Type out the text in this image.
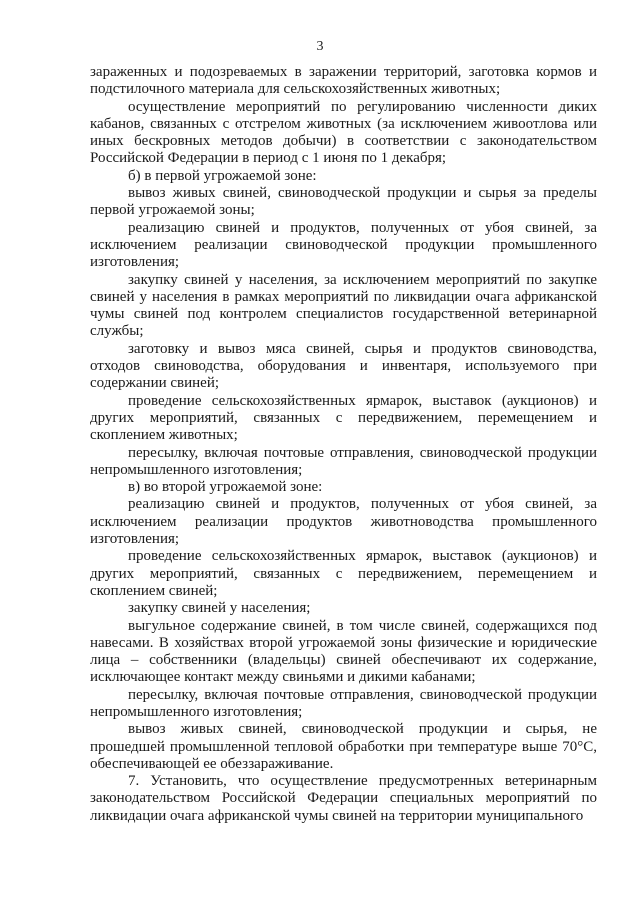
3

зараженных и подозреваемых в заражении территорий, заготовка кормов и подстилочного материала для сельскохозяйственных животных;

осуществление мероприятий по регулированию численности диких кабанов, связанных с отстрелом животных (за исключением живоотлова или иных бескровных методов добычи) в соответствии с законодательством Российской Федерации в период с 1 июня по 1 декабря;

б) в первой угрожаемой зоне:

вывоз живых свиней, свиноводческой продукции и сырья за пределы первой угрожаемой зоны;

реализацию свиней и продуктов, полученных от убоя свиней, за исключением реализации свиноводческой продукции промышленного изготовления;

закупку свиней у населения, за исключением мероприятий по закупке свиней у населения в рамках мероприятий по ликвидации очага африканской чумы свиней под контролем специалистов государственной ветеринарной службы;

заготовку и вывоз мяса свиней, сырья и продуктов свиноводства, отходов свиноводства, оборудования и инвентаря, используемого при содержании свиней;

проведение сельскохозяйственных ярмарок, выставок (аукционов) и других мероприятий, связанных с передвижением, перемещением и скоплением животных;

пересылку, включая почтовые отправления, свиноводческой продукции непромышленного изготовления;

в) во второй угрожаемой зоне:

реализацию свиней и продуктов, полученных от убоя свиней, за исключением реализации продуктов животноводства промышленного изготовления;

проведение сельскохозяйственных ярмарок, выставок (аукционов) и других мероприятий, связанных с передвижением, перемещением и скоплением свиней;

закупку свиней у населения;

выгульное содержание свиней, в том числе свиней, содержащихся под навесами. В хозяйствах второй угрожаемой зоны физические и юридические лица – собственники (владельцы) свиней обеспечивают их содержание, исключающее контакт между свиньями и дикими кабанами;

пересылку, включая почтовые отправления, свиноводческой продукции непромышленного изготовления;

вывоз живых свиней, свиноводческой продукции и сырья, не прошедшей промышленной тепловой обработки при температуре выше 70°С, обеспечивающей ее обеззараживание.

7. Установить, что осуществление предусмотренных ветеринарным законодательством Российской Федерации специальных мероприятий по ликвидации очага африканской чумы свиней на территории муниципального
